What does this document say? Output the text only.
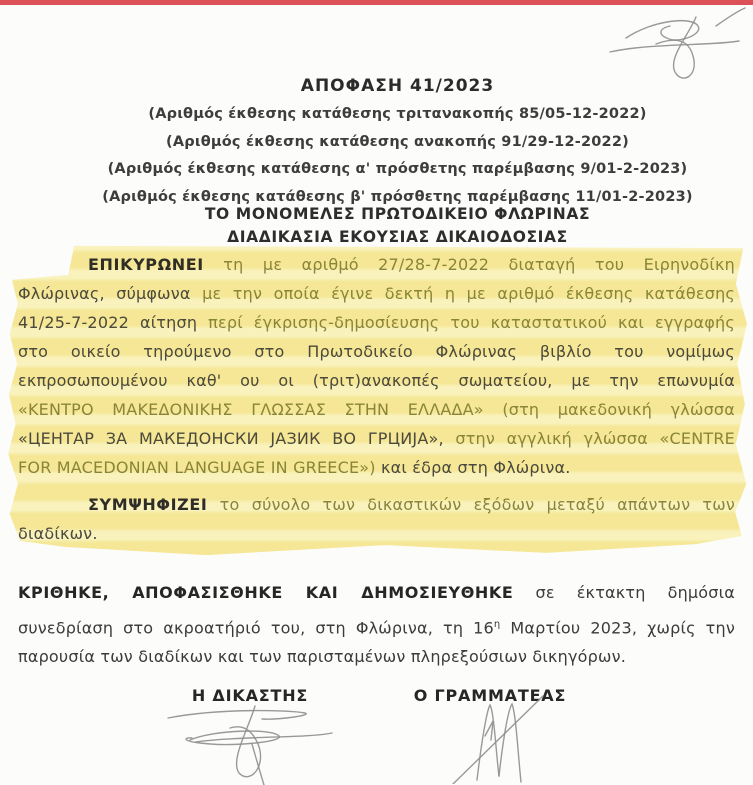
ΑΠΟΦΑΣΗ 41/2023
(Αριθμός έκθεσης κατάθεσης τριτανακοπής 85/05-12-2022)
(Αριθμός έκθεσης κατάθεσης ανακοπής 91/29-12-2022)
(Αριθμός έκθεσης κατάθεσης α' πρόσθετης παρέμβασης 9/01-2-2023)
(Αριθμός έκθεσης κατάθεσης β' πρόσθετης παρέμβασης 11/01-2-2023)
ΤΟ ΜΟΝΟΜΕΛΕΣ ΠΡΩΤΟΔΙΚΕΙΟ ΦΛΩΡΙΝΑΣ
ΔΙΑΔΙΚΑΣΙΑ ΕΚΟΥΣΙΑΣ ΔΙΚΑΙΟΔΟΣΙΑΣ
ΕΠΙΚΥΡΩΝΕΙ τη με αριθμό 27/28-7-2022 διαταγή του Ειρηνοδίκη
Φλώρινας, σύμφωνα με την οποία έγινε δεκτή η με αριθμό έκθεσης κατάθεσης
41/25-7-2022 αίτηση περί έγκρισης-δημοσίευσης του καταστατικού και εγγραφής
στο οικείο τηρούμενο στο Πρωτοδικείο Φλώρινας βιβλίο του νομίμως
εκπροσωπουμένου καθ' ου οι (τριτ)ανακοπές σωματείου, με την επωνυμία
«ΚΕΝΤΡΟ ΜΑΚΕΔΟΝΙΚΗΣ ΓΛΩΣΣΑΣ ΣΤΗΝ ΕΛΛΑΔΑ» (στη μακεδονική γλώσσα
«ЦЕНТАР ЗА МАКЕДОНСКИ ЈАЗИК ВО ГРЦИЈА», στην αγγλική γλώσσα «CENTRE
FOR MACEDONIAN LANGUAGE IN GREECE») και έδρα στη Φλώρινα.
ΣΥΜΨΗΦΙΖΕΙ το σύνολο των δικαστικών εξόδων μεταξύ απάντων των
διαδίκων.
ΚΡΙΘΗΚΕ, ΑΠΟΦΑΣΙΣΘΗΚΕ ΚΑΙ ΔΗΜΟΣΙΕΥΘΗΚΕ σε έκτακτη δημόσια
συνεδρίαση στο ακροατήριό του, στη Φλώρινα, τη $16^\eta$ Μαρτίου 2023, χωρίς την
παρουσία των διαδίκων και των παρισταμένων πληρεξούσιων δικηγόρων.
Η ΔΙΚΑΣΤΗΣ	Ο ΓΡΑΜΜΑΤΕΑΣ
